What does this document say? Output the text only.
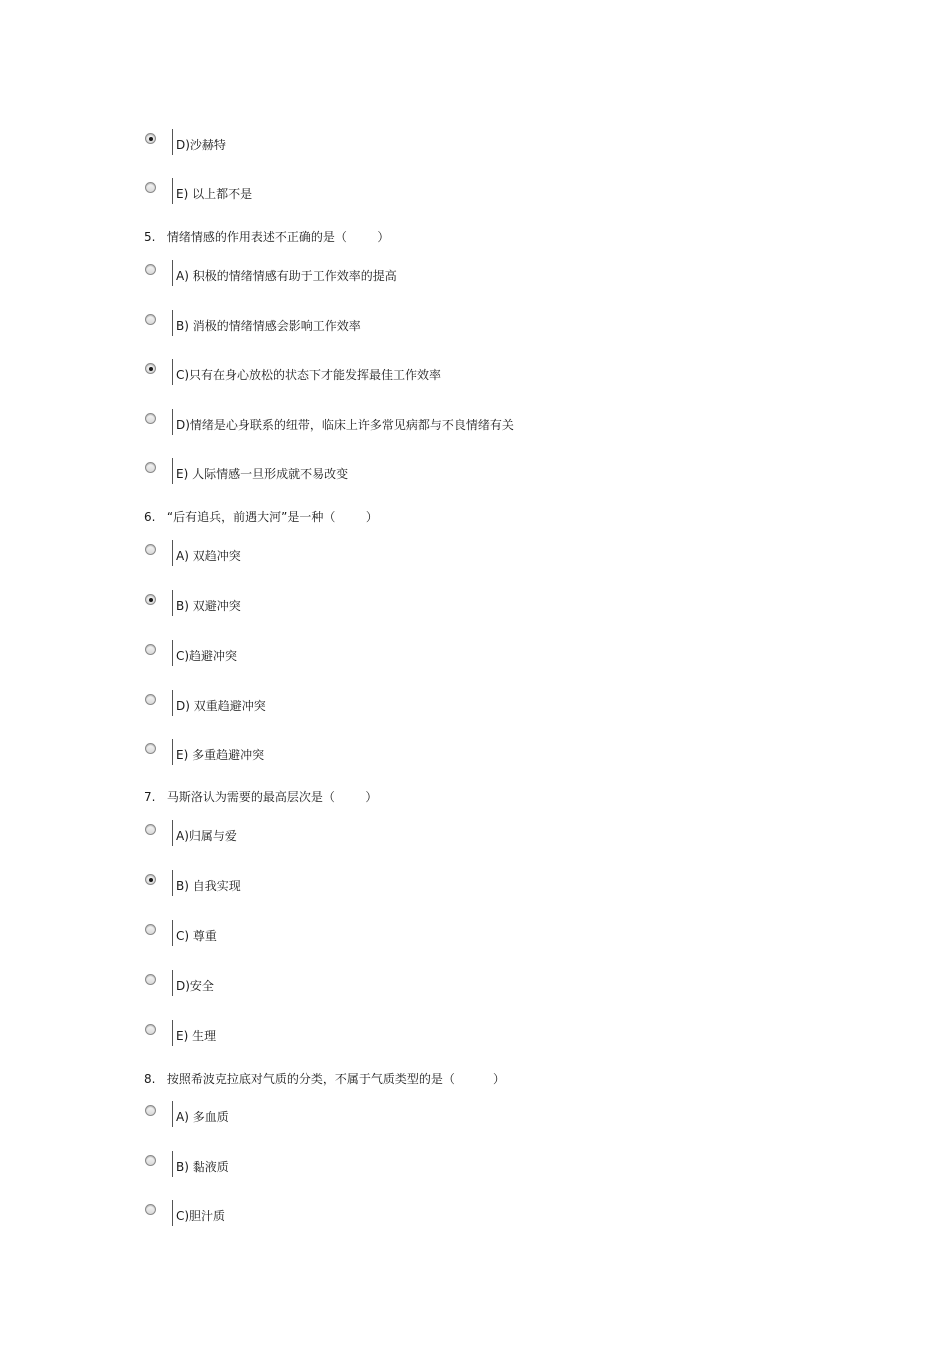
D)沙赫特
E) 以上都不是
5.   情绪情感的作用表述不正确的是（        ）
A) 积极的情绪情感有助于工作效率的提高
B) 消极的情绪情感会影响工作效率
C)只有在身心放松的状态下才能发挥最佳工作效率
D)情绪是心身联系的纽带，临床上许多常见病都与不良情绪有关
E) 人际情感一旦形成就不易改变
6.   “后有追兵，前遇大河”是一种（        ）
A) 双趋冲突
B) 双避冲突
C)趋避冲突
D) 双重趋避冲突
E) 多重趋避冲突
7.   马斯洛认为需要的最高层次是（        ）
A)归属与爱
B) 自我实现
C) 尊重
D)安全
E) 生理
8.   按照希波克拉底对气质的分类，不属于气质类型的是（          ）
A) 多血质
B) 黏液质
C)胆汁质
